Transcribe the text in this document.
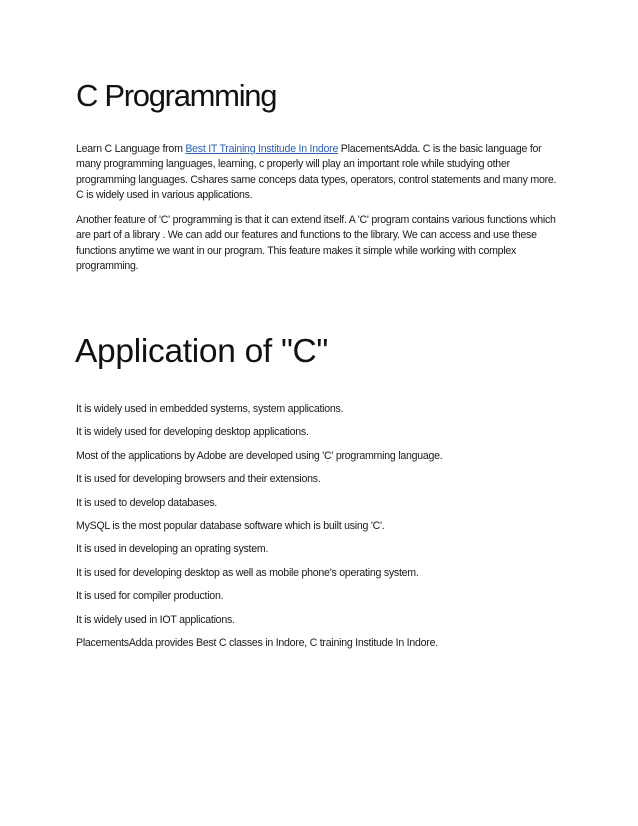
C Programming

Learn C Language from Best IT Training Institude In Indore PlacementsAdda. C is the basic language for many programming languages, learning, c properly will play an important role while studying other programming languages. Cshares same conceps data types, operators, control statements and many more. C is widely used in various applications.

Another feature of 'C' programming is that it can extend itself. A 'C' program contains various functions which are part of a library . We can add our features and functions to the library. We can access and use these functions anytime we want in our program. This feature makes it simple while working with complex programming.

Application of "C"
It is widely used in embedded systems, system applications.
It is widely used for developing desktop applications.
Most of the applications by Adobe are developed using 'C' programming language.
It is used for developing browsers and their extensions.
It is used to develop databases.
MySQL is the most popular database software which is built using 'C'.
It is used in developing an oprating system.
It is used for developing desktop as well as mobile phone's operating system.
It is used for compiler production.
It is widely used in IOT applications.
PlacementsAdda provides Best C classes in Indore, C training Institude In Indore.
